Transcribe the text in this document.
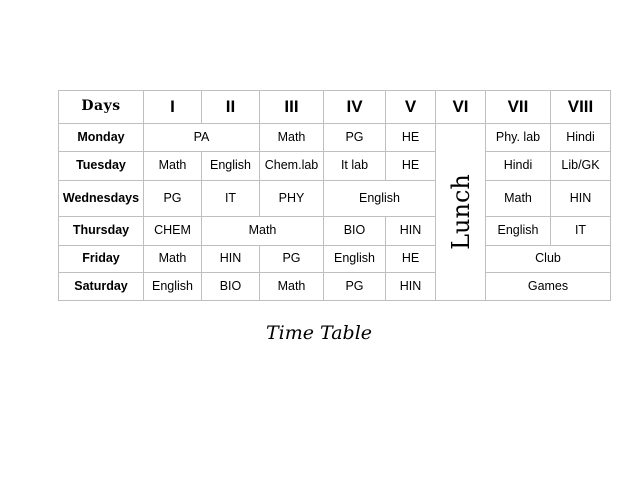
Days	I	II	III	IV	V	VI	VII	VIII
Monday	PA		Math	PG	HE	Lunch	Phy. lab	Hindi
Tuesday	Math	English	Chem.lab	It lab	HE		Hindi	Lib/GK
Wednesdays	PG	IT	PHY	English			Math	HIN
Thursday	CHEM	Math		BIO	HIN		English	IT
Friday	Math	HIN	PG	English	HE		Club	
Saturday	English	BIO	Math	PG	HIN		Games	
Time Table
